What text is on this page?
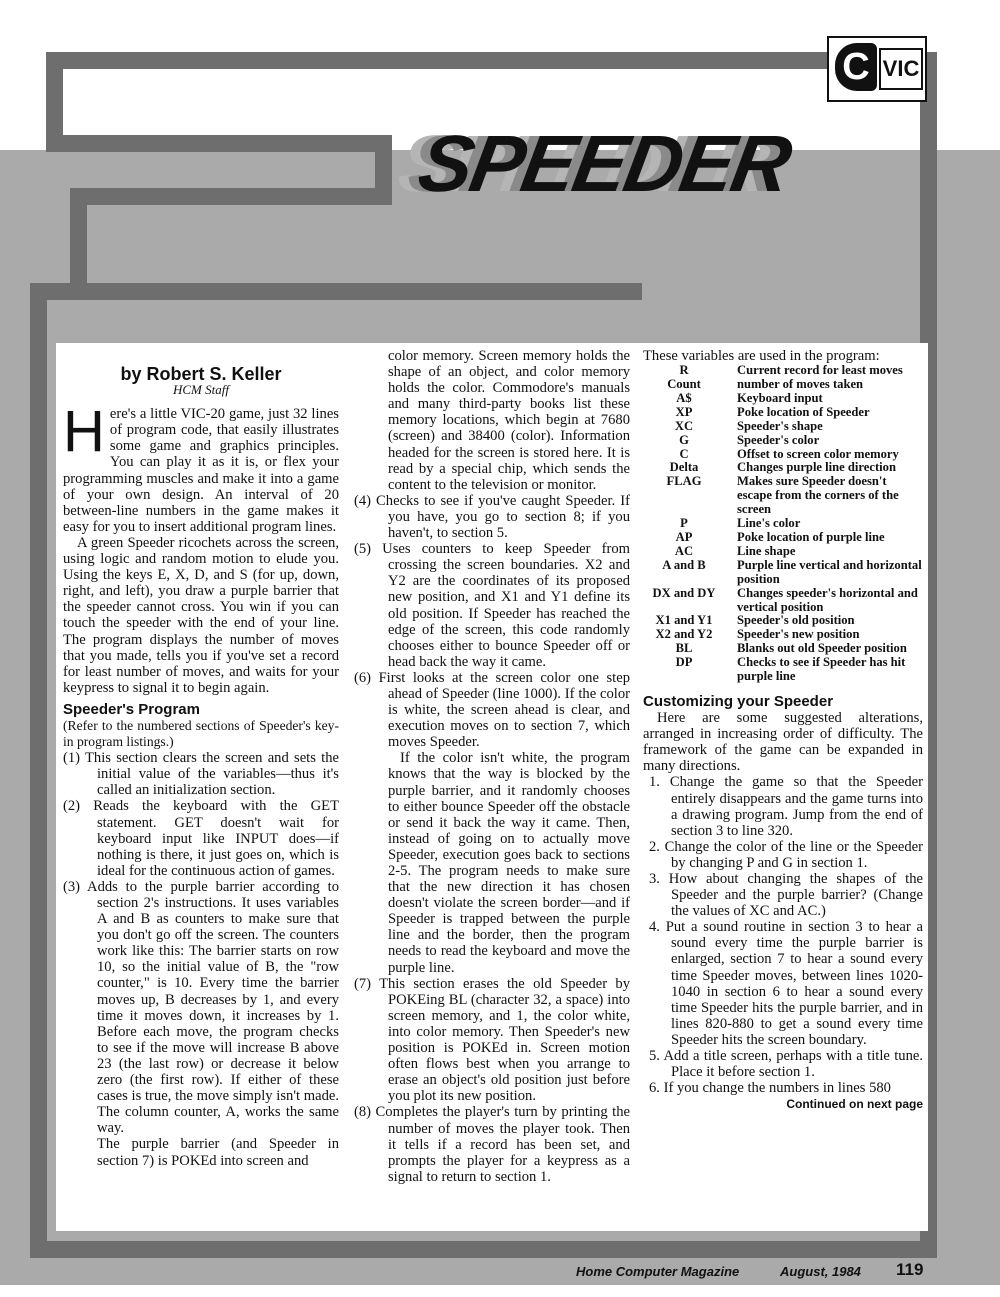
C VIC
SPEEDER
by Robert S. Keller
HCM Staff

Here's a little VIC-20 game, just 32 lines of program code, that easily illustrates some game and graphics principles. You can play it as it is, or flex your programming muscles and make it into a game of your own design. An interval of 20 between-line numbers in the game makes it easy for you to insert additional program lines.

A green Speeder ricochets across the screen, using logic and random motion to elude you. Using the keys E, X, D, and S (for up, down, right, and left), you draw a purple barrier that the speeder cannot cross. You win if you can touch the speeder with the end of your line. The program displays the number of moves that you made, tells you if you've set a record for least number of moves, and waits for your keypress to signal it to begin again.

Speeder's Program

(Refer to the numbered sections of Speeder's key-in program listings.)

(1) This section clears the screen and sets the initial value of the variables—thus it's called an initialization section.

(2) Reads the keyboard with the GET statement. GET doesn't wait for keyboard input like INPUT does—if nothing is there, it just goes on, which is ideal for the continuous action of games.

(3) Adds to the purple barrier according to section 2's instructions. It uses variables A and B as counters to make sure that you don't go off the screen. The counters work like this: The barrier starts on row 10, so the initial value of B, the "row counter," is 10. Every time the barrier moves up, B decreases by 1, and every time it moves down, it increases by 1. Before each move, the program checks to see if the move will increase B above 23 (the last row) or decrease it below zero (the first row). If either of these cases is true, the move simply isn't made. The column counter, A, works the same way.

The purple barrier (and Speeder in section 7) is POKEd into screen and

color memory. Screen memory holds the shape of an object, and color memory holds the color. Commodore's manuals and many third-party books list these memory locations, which begin at 7680 (screen) and 38400 (color). Information headed for the screen is stored here. It is read by a special chip, which sends the content to the television or monitor.

(4) Checks to see if you've caught Speeder. If you have, you go to section 8; if you haven't, to section 5.

(5) Uses counters to keep Speeder from crossing the screen boundaries. X2 and Y2 are the coordinates of its proposed new position, and X1 and Y1 define its old position. If Speeder has reached the edge of the screen, this code randomly chooses either to bounce Speeder off or head back the way it came.

(6) First looks at the screen color one step ahead of Speeder (line 1000). If the color is white, the screen ahead is clear, and execution moves on to section 7, which moves Speeder.

If the color isn't white, the program knows that the way is blocked by the purple barrier, and it randomly chooses to either bounce Speeder off the obstacle or send it back the way it came. Then, instead of going on to actually move Speeder, execution goes back to sections 2-5. The program needs to make sure that the new direction it has chosen doesn't violate the screen border—and if Speeder is trapped between the purple line and the border, then the program needs to read the keyboard and move the purple line.

(7) This section erases the old Speeder by POKEing BL (character 32, a space) into screen memory, and 1, the color white, into color memory. Then Speeder's new position is POKEd in. Screen motion often flows best when you arrange to erase an object's old position just before you plot its new position.

(8) Completes the player's turn by printing the number of moves the player took. Then it tells if a record has been set, and prompts the player for a keypress as a signal to return to section 1.

These variables are used in the program:

R	Current record for least moves
Count	number of moves taken
A$	Keyboard input
XP	Poke location of Speeder
XC	Speeder's shape
G	Speeder's color
C	Offset to screen color memory
Delta	Changes purple line direction
FLAG	Makes sure Speeder doesn't escape from the corners of the screen
P	Line's color
AP	Poke location of purple line
AC	Line shape
A and B	Purple line vertical and horizontal position
DX and DY	Changes speeder's horizontal and vertical position
X1 and Y1	Speeder's old position
X2 and Y2	Speeder's new position
BL	Blanks out old Speeder position
DP	Checks to see if Speeder has hit purple line
Customizing your Speeder

Here are some suggested alterations, arranged in increasing order of difficulty. The framework of the game can be expanded in many directions.

1. Change the game so that the Speeder entirely disappears and the game turns into a drawing program. Jump from the end of section 3 to line 320.

2. Change the color of the line or the Speeder by changing P and G in section 1.

3. How about changing the shapes of the Speeder and the purple barrier? (Change the values of XC and AC.)

4. Put a sound routine in section 3 to hear a sound every time the purple barrier is enlarged, section 7 to hear a sound every time Speeder moves, between lines 1020-1040 in section 6 to hear a sound every time Speeder hits the purple barrier, and in lines 820-880 to get a sound every time Speeder hits the screen boundary.

5. Add a title screen, perhaps with a title tune. Place it before section 1.

6. If you change the numbers in lines 580

Continued on next page
Home Computer Magazine	August, 1984 119
